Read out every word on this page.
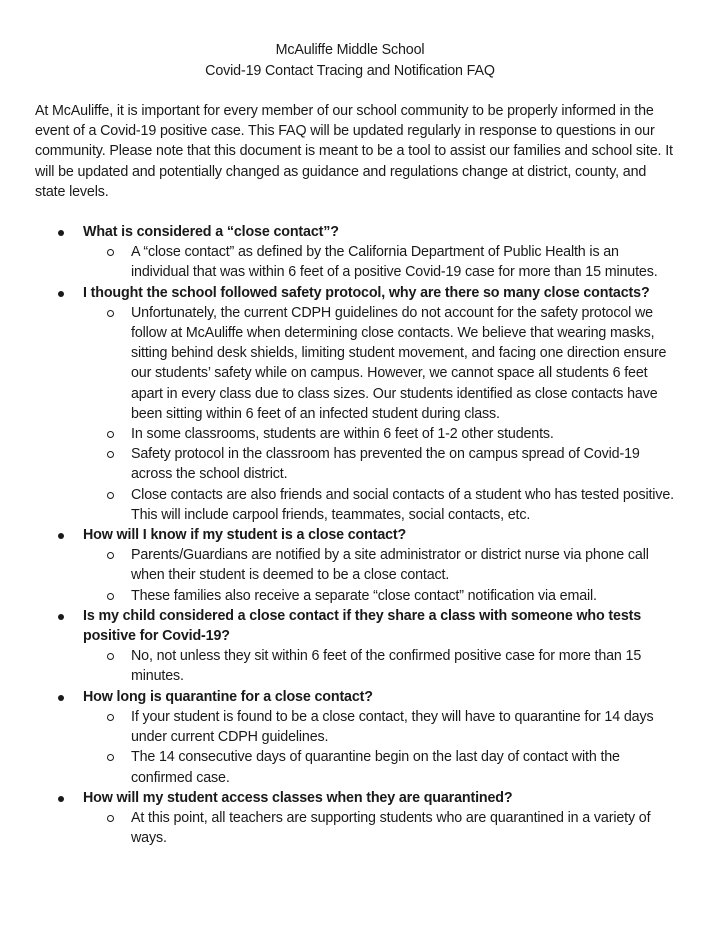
McAuliffe Middle School
Covid-19 Contact Tracing and Notification FAQ

At McAuliffe, it is important for every member of our school community to be properly informed in the event of a Covid-19 positive case. This FAQ will be updated regularly in response to questions in our community. Please note that this document is meant to be a tool to assist our families and school site. It will be updated and potentially changed as guidance and regulations change at district, county, and state levels.

What is considered a “close contact”?
A “close contact” as defined by the California Department of Public Health is an individual that was within 6 feet of a positive Covid-19 case for more than 15 minutes.
I thought the school followed safety protocol, why are there so many close contacts?
Unfortunately, the current CDPH guidelines do not account for the safety protocol we follow at McAuliffe when determining close contacts. We believe that wearing masks, sitting behind desk shields, limiting student movement, and facing one direction ensure our students’ safety while on campus. However, we cannot space all students 6 feet apart in every class due to class sizes. Our students identified as close contacts have been sitting within 6 feet of an infected student during class.
In some classrooms, students are within 6 feet of 1-2 other students.
Safety protocol in the classroom has prevented the on campus spread of Covid-19 across the school district.
Close contacts are also friends and social contacts of a student who has tested positive. This will include carpool friends, teammates, social contacts, etc.
How will I know if my student is a close contact?
Parents/Guardians are notified by a site administrator or district nurse via phone call when their student is deemed to be a close contact.
These families also receive a separate “close contact” notification via email.
Is my child considered a close contact if they share a class with someone who tests positive for Covid-19?
No, not unless they sit within 6 feet of the confirmed positive case for more than 15 minutes.
How long is quarantine for a close contact?
If your student is found to be a close contact, they will have to quarantine for 14 days under current CDPH guidelines.
The 14 consecutive days of quarantine begin on the last day of contact with the confirmed case.
How will my student access classes when they are quarantined?
At this point, all teachers are supporting students who are quarantined in a variety of ways.
